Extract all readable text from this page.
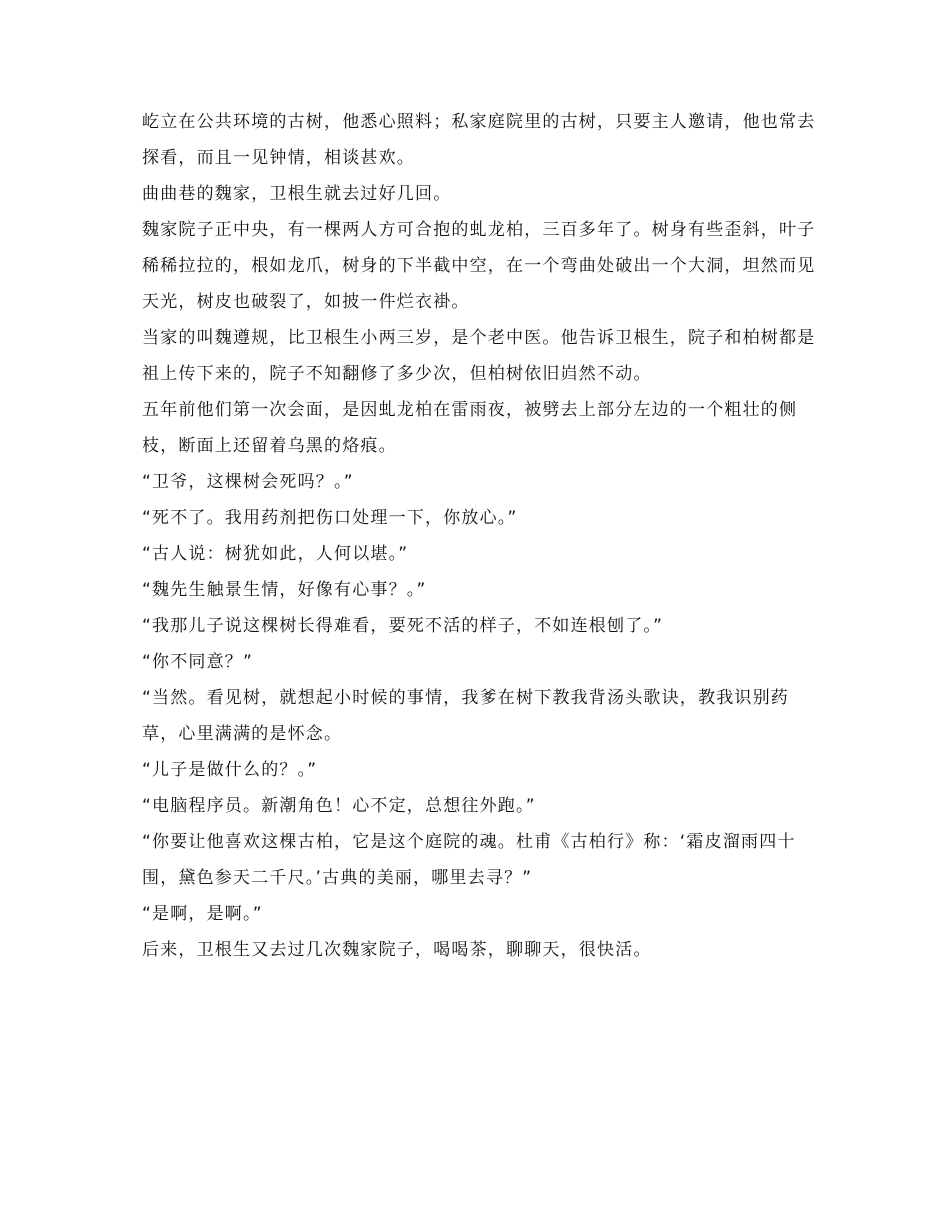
屹立在公共环境的古树，他悉心照料；私家庭院里的古树，只要主人邀请，他也常去探看，而且一见钟情，相谈甚欢。

曲曲巷的魏家，卫根生就去过好几回。

魏家院子正中央，有一棵两人方可合抱的虬龙柏，三百多年了。树身有些歪斜，叶子稀稀拉拉的，根如龙爪，树身的下半截中空，在一个弯曲处破出一个大洞，坦然而见天光，树皮也破裂了，如披一件烂衣褂。

当家的叫魏遵规，比卫根生小两三岁，是个老中医。他告诉卫根生，院子和柏树都是祖上传下来的，院子不知翻修了多少次，但柏树依旧岿然不动。

五年前他们第一次会面，是因虬龙柏在雷雨夜，被劈去上部分左边的一个粗壮的侧枝，断面上还留着乌黑的烙痕。

“卫爷，这棵树会死吗？。”

“死不了。我用药剂把伤口处理一下，你放心。”

“古人说：树犹如此，人何以堪。”

“魏先生触景生情，好像有心事？。”

“我那儿子说这棵树长得难看，要死不活的样子，不如连根刨了。”

“你不同意？”

“当然。看见树，就想起小时候的事情，我爹在树下教我背汤头歌诀，教我识别药草，心里满满的是怀念。

“儿子是做什么的？。”

“电脑程序员。新潮角色！心不定，总想往外跑。”

“你要让他喜欢这棵古柏，它是这个庭院的魂。杜甫《古柏行》称：‘霜皮溜雨四十围，黛色参天二千尺。’古典的美丽，哪里去寻？”

“是啊，是啊。”

后来，卫根生又去过几次魏家院子，喝喝茶，聊聊天，很快活。
